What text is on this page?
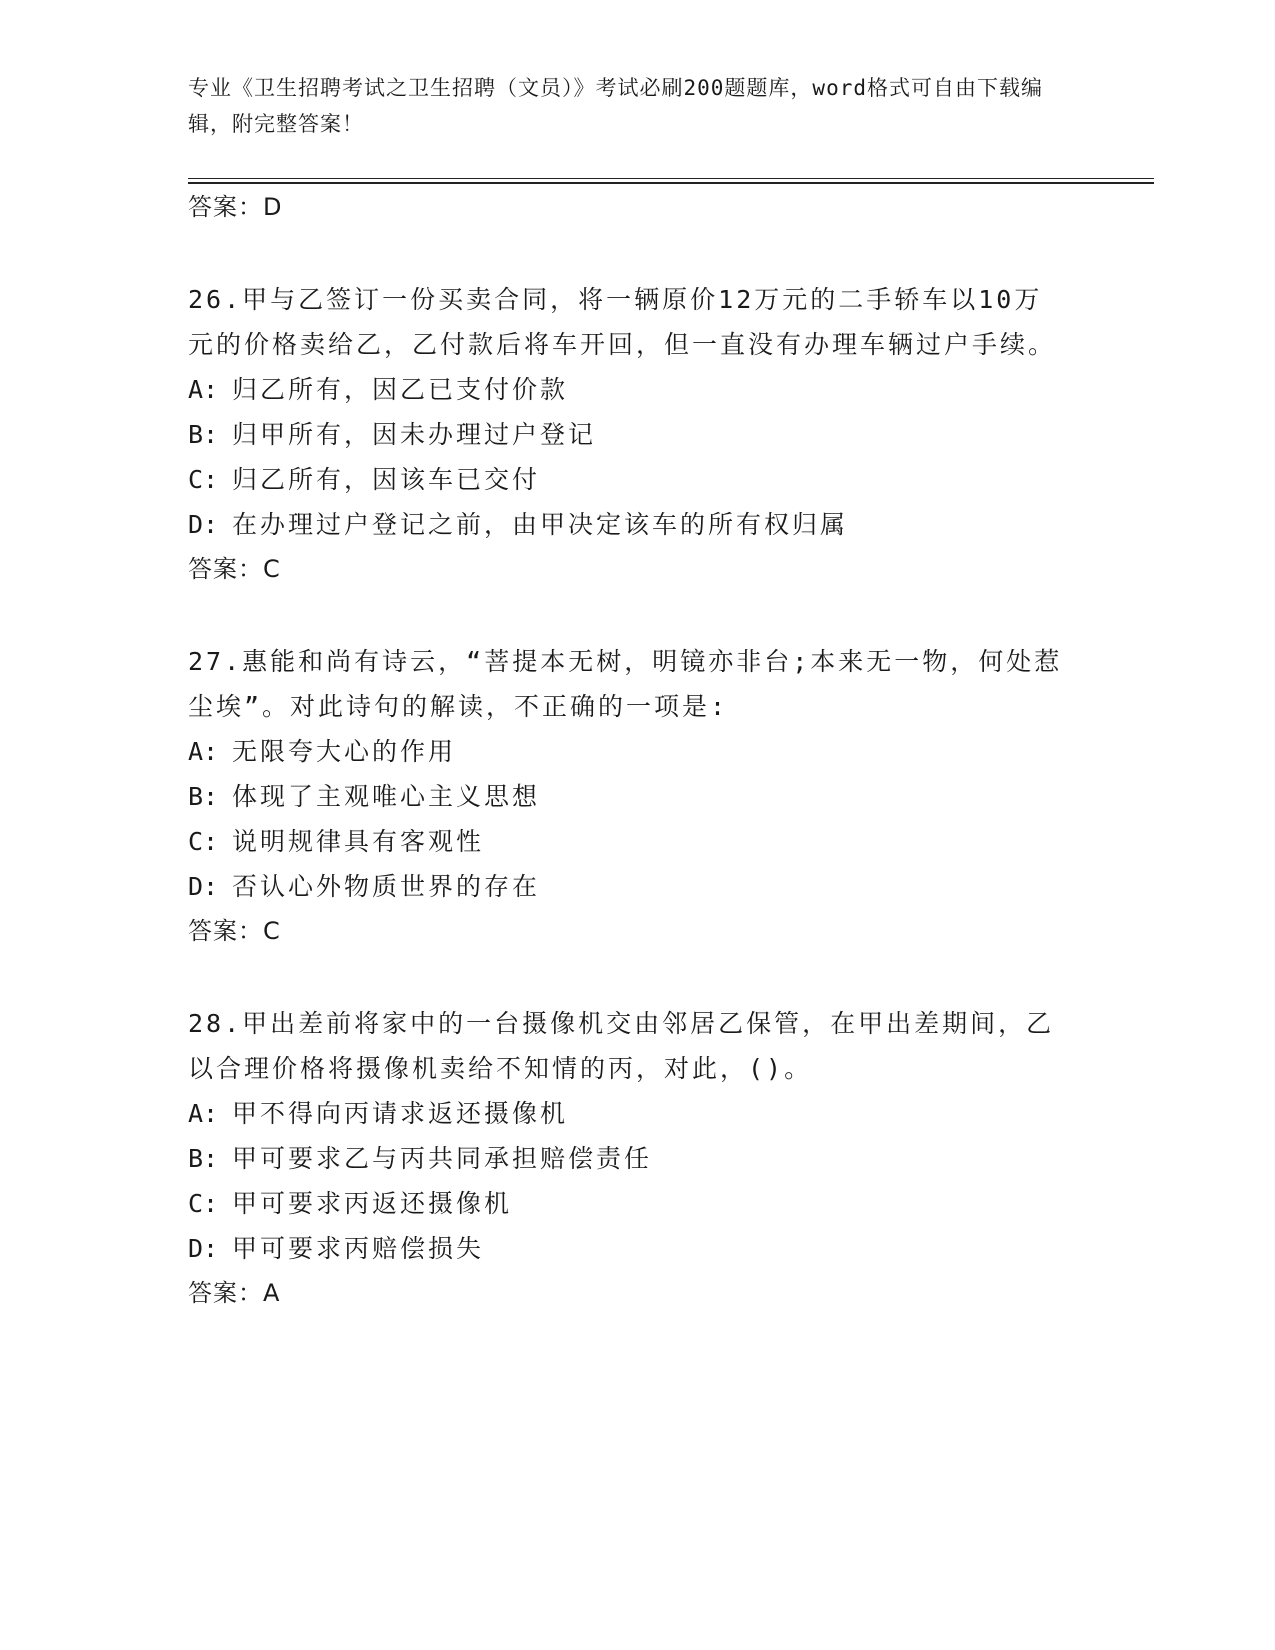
专业《卫生招聘考试之卫生招聘（文员）》考试必刷200题题库，word格式可自由下载编辑，附完整答案！
答案：D
26.甲与乙签订一份买卖合同，将一辆原价12万元的二手轿车以10万元的价格卖给乙，乙付款后将车开回，但一直没有办理车辆过户手续。
A: 归乙所有，因乙已支付价款
B: 归甲所有，因未办理过户登记
C: 归乙所有，因该车已交付
D: 在办理过户登记之前，由甲决定该车的所有权归属
答案：C
27.惠能和尚有诗云，“菩提本无树，明镜亦非台;本来无一物，何处惹尘埃”。对此诗句的解读，不正确的一项是:
A: 无限夸大心的作用
B: 体现了主观唯心主义思想
C: 说明规律具有客观性
D: 否认心外物质世界的存在
答案：C
28.甲出差前将家中的一台摄像机交由邻居乙保管，在甲出差期间，乙以合理价格将摄像机卖给不知情的丙，对此，()。
A: 甲不得向丙请求返还摄像机
B: 甲可要求乙与丙共同承担赔偿责任
C: 甲可要求丙返还摄像机
D: 甲可要求丙赔偿损失
答案：A
